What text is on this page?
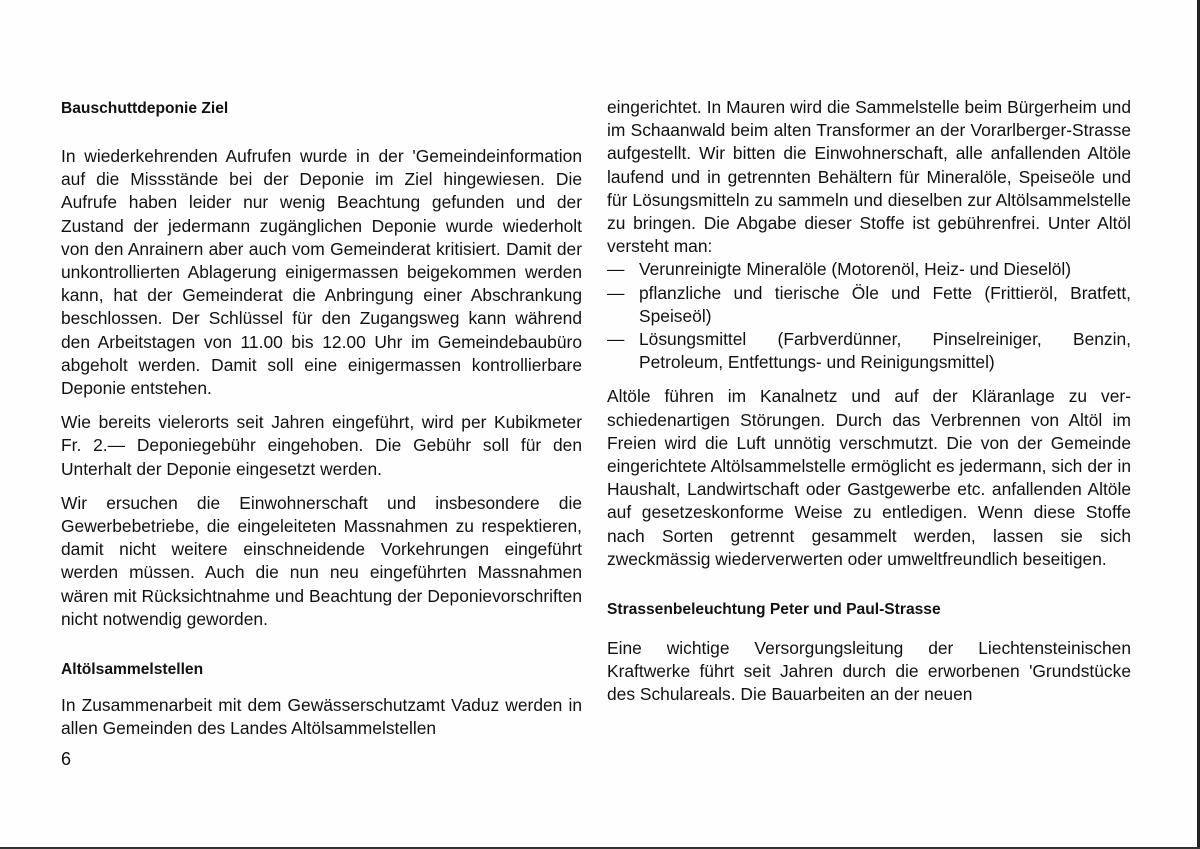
Bauschuttdeponie Ziel

In wiederkehrenden Aufrufen wurde in der 'Gemeindeinformation auf die Missstände bei der Deponie im Ziel hingewiesen. Die Aufrufe haben leider nur wenig Beachtung gefunden und der Zustand der jedermann zugänglichen Deponie wurde wiederholt von den Anrainern aber auch vom Gemeinderat kritisiert. Damit der unkontrollierten Ablagerung einigermassen beigekommen werden kann, hat der Gemeinderat die Anbringung einer Abschrankung beschlossen. Der Schlüssel für den Zugangsweg kann während den Arbeitstagen von 11.00 bis 12.00 Uhr im Gemeindebaubüro abgeholt werden. Damit soll eine einigermassen kontrollierbare Deponie entstehen.

Wie bereits vielerorts seit Jahren eingeführt, wird per Kubikmeter Fr. 2.— Deponiegebühr eingehoben. Die Gebühr soll für den Unterhalt der Deponie eingesetzt werden.

Wir ersuchen die Einwohnerschaft und insbesondere die Gewerbebetriebe, die eingeleiteten Massnahmen zu respektieren, damit nicht weitere einschneidende Vorkehrungen eingeführt werden müssen. Auch die nun neu eingeführten Massnahmen wären mit Rücksichtnahme und Beachtung der Deponievorschriften nicht notwendig geworden.

Altölsammelstellen

In Zusammenarbeit mit dem Gewässerschutzamt Vaduz werden in allen Gemeinden des Landes Altölsammelstellen

eingerichtet. In Mauren wird die Sammelstelle beim Bürgerheim und im Schaanwald beim alten Transformer an der Vorarlberger-Strasse aufgestellt. Wir bitten die Einwohnerschaft, alle anfallenden Altöle laufend und in getrennten Behältern für Mineralöle, Speiseöle und für Lösungsmitteln zu sammeln und dieselben zur Altölsammelstelle zu bringen. Die Abgabe dieser Stoffe ist gebührenfrei. Unter Altöl versteht man:

— Verunreinigte Mineralöle (Motorenöl, Heiz- und Dieselöl)
— pflanzliche und tierische Öle und Fette (Frittieröl, Bratfett, Speiseöl)
— Lösungsmittel (Farbverdünner, Pinselreiniger, Benzin, Petroleum, Entfettungs- und Reinigungsmittel)

Altöle führen im Kanalnetz und auf der Kläranlage zu verschiedenartigen Störungen. Durch das Verbrennen von Altöl im Freien wird die Luft unnötig verschmutzt. Die von der Gemeinde eingerichtete Altölsammelstelle ermöglicht es jedermann, sich der in Haushalt, Landwirtschaft oder Gastgewerbe etc. anfallenden Altöle auf gesetzeskonforme Weise zu entledigen. Wenn diese Stoffe nach Sorten getrennt gesammelt werden, lassen sie sich zweckmässig wiederverwerten oder umweltfreundlich beseitigen.

Strassenbeleuchtung Peter und Paul-Strasse

Eine wichtige Versorgungsleitung der Liechtensteinischen Kraftwerke führt seit Jahren durch die erworbenen 'Grundstücke des Schulareals. Die Bauarbeiten an der neuen

6
